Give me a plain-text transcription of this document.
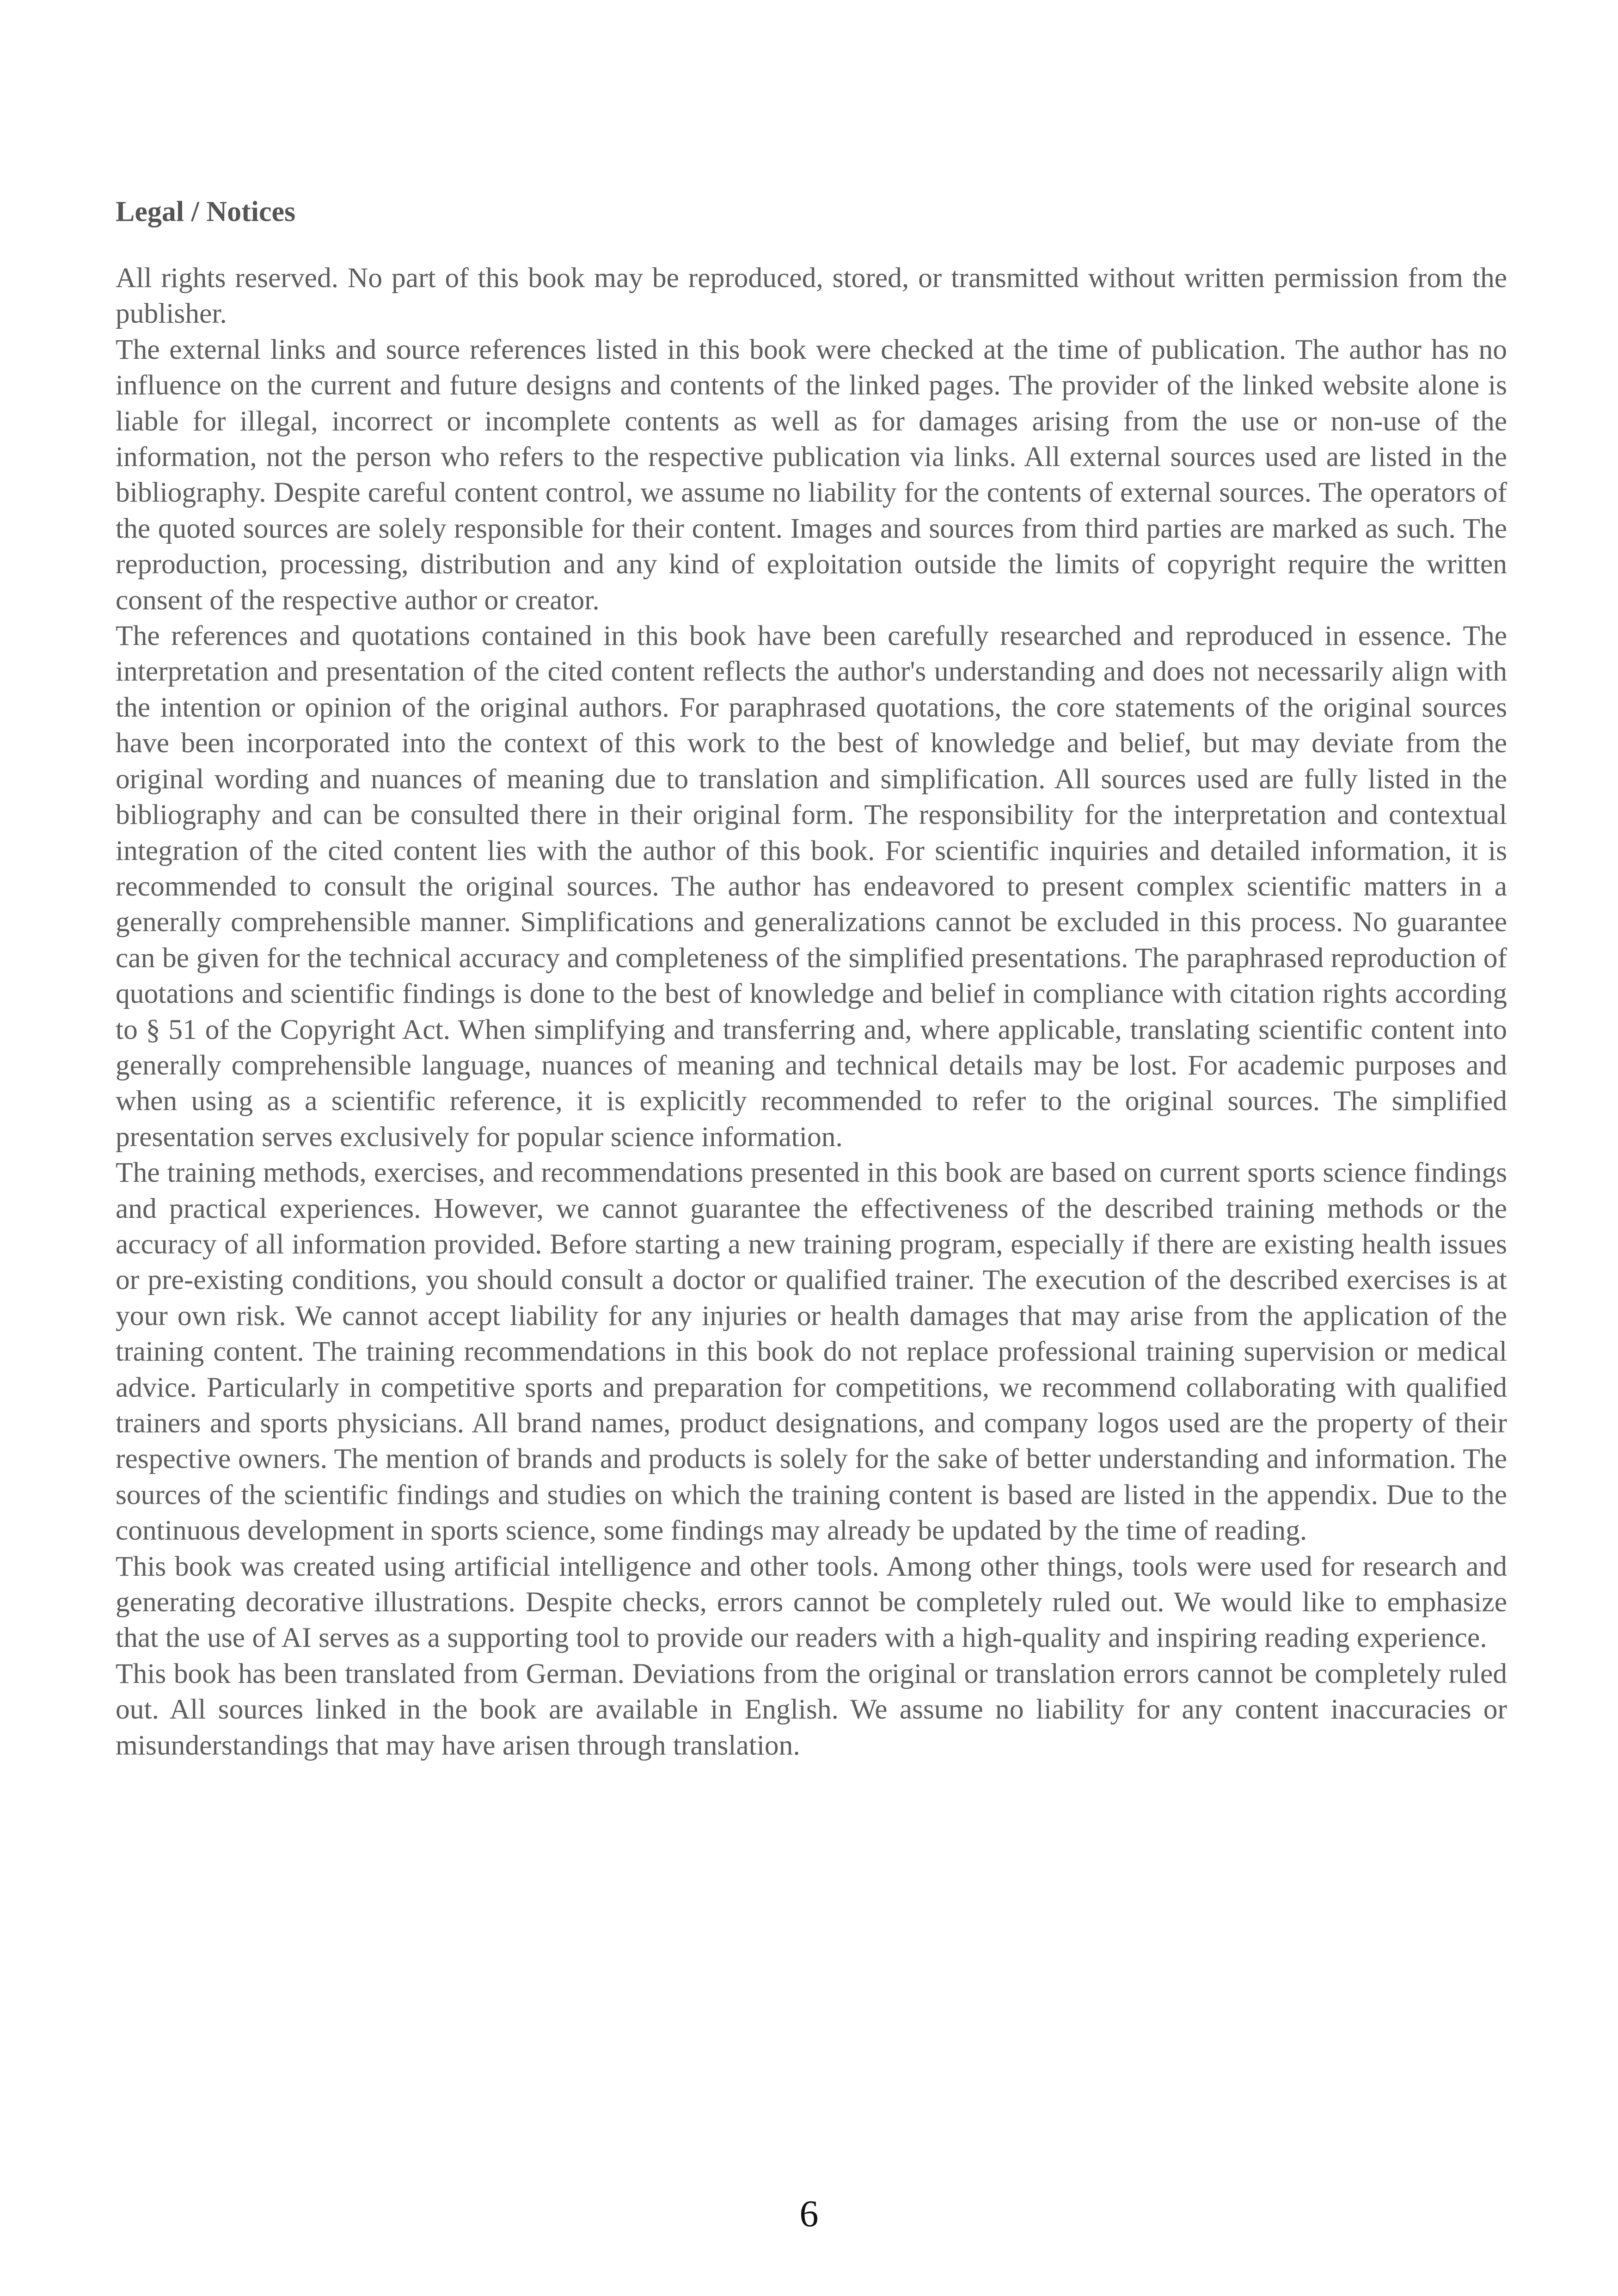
Legal / Notices

All rights reserved. No part of this book may be reproduced, stored, or transmitted without written permission from the publisher.

The external links and source references listed in this book were checked at the time of publication. The author has no influence on the current and future designs and contents of the linked pages. The provider of the linked website alone is liable for illegal, incorrect or incomplete contents as well as for damages arising from the use or non-use of the information, not the person who refers to the respective publication via links. All external sources used are listed in the bibliography. Despite careful content control, we assume no liability for the contents of external sources. The operators of the quoted sources are solely responsible for their content. Images and sources from third parties are marked as such. The reproduction, processing, distribution and any kind of exploitation outside the limits of copyright require the written consent of the respective author or creator.

The references and quotations contained in this book have been carefully researched and reproduced in essence. The interpretation and presentation of the cited content reflects the author's understanding and does not necessarily align with the intention or opinion of the original authors. For paraphrased quotations, the core statements of the original sources have been incorporated into the context of this work to the best of knowledge and belief, but may deviate from the original wording and nuances of meaning due to translation and simplification. All sources used are fully listed in the bibliography and can be consulted there in their original form. The responsibility for the interpretation and contextual integration of the cited content lies with the author of this book. For scientific inquiries and detailed information, it is recommended to consult the original sources. The author has endeavored to present complex scientific matters in a generally comprehensible manner. Simplifications and generalizations cannot be excluded in this process. No guarantee can be given for the technical accuracy and completeness of the simplified presentations. The paraphrased reproduction of quotations and scientific findings is done to the best of knowledge and belief in compliance with citation rights according to § 51 of the Copyright Act. When simplifying and transferring and, where applicable, translating scientific content into generally comprehensible language, nuances of meaning and technical details may be lost. For academic purposes and when using as a scientific reference, it is explicitly recommended to refer to the original sources. The simplified presentation serves exclusively for popular science information.

The training methods, exercises, and recommendations presented in this book are based on current sports science findings and practical experiences. However, we cannot guarantee the effectiveness of the described training methods or the accuracy of all information provided. Before starting a new training program, especially if there are existing health issues or pre-existing conditions, you should consult a doctor or qualified trainer. The execution of the described exercises is at your own risk. We cannot accept liability for any injuries or health damages that may arise from the application of the training content. The training recommendations in this book do not replace professional training supervision or medical advice. Particularly in competitive sports and preparation for competitions, we recommend collaborating with qualified trainers and sports physicians. All brand names, product designations, and company logos used are the property of their respective owners. The mention of brands and products is solely for the sake of better understanding and information. The sources of the scientific findings and studies on which the training content is based are listed in the appendix. Due to the continuous development in sports science, some findings may already be updated by the time of reading.

This book was created using artificial intelligence and other tools. Among other things, tools were used for research and generating decorative illustrations. Despite checks, errors cannot be completely ruled out. We would like to emphasize that the use of AI serves as a supporting tool to provide our readers with a high-quality and inspiring reading experience.

This book has been translated from German. Deviations from the original or translation errors cannot be completely ruled out. All sources linked in the book are available in English. We assume no liability for any content inaccuracies or misunderstandings that may have arisen through translation.

6
